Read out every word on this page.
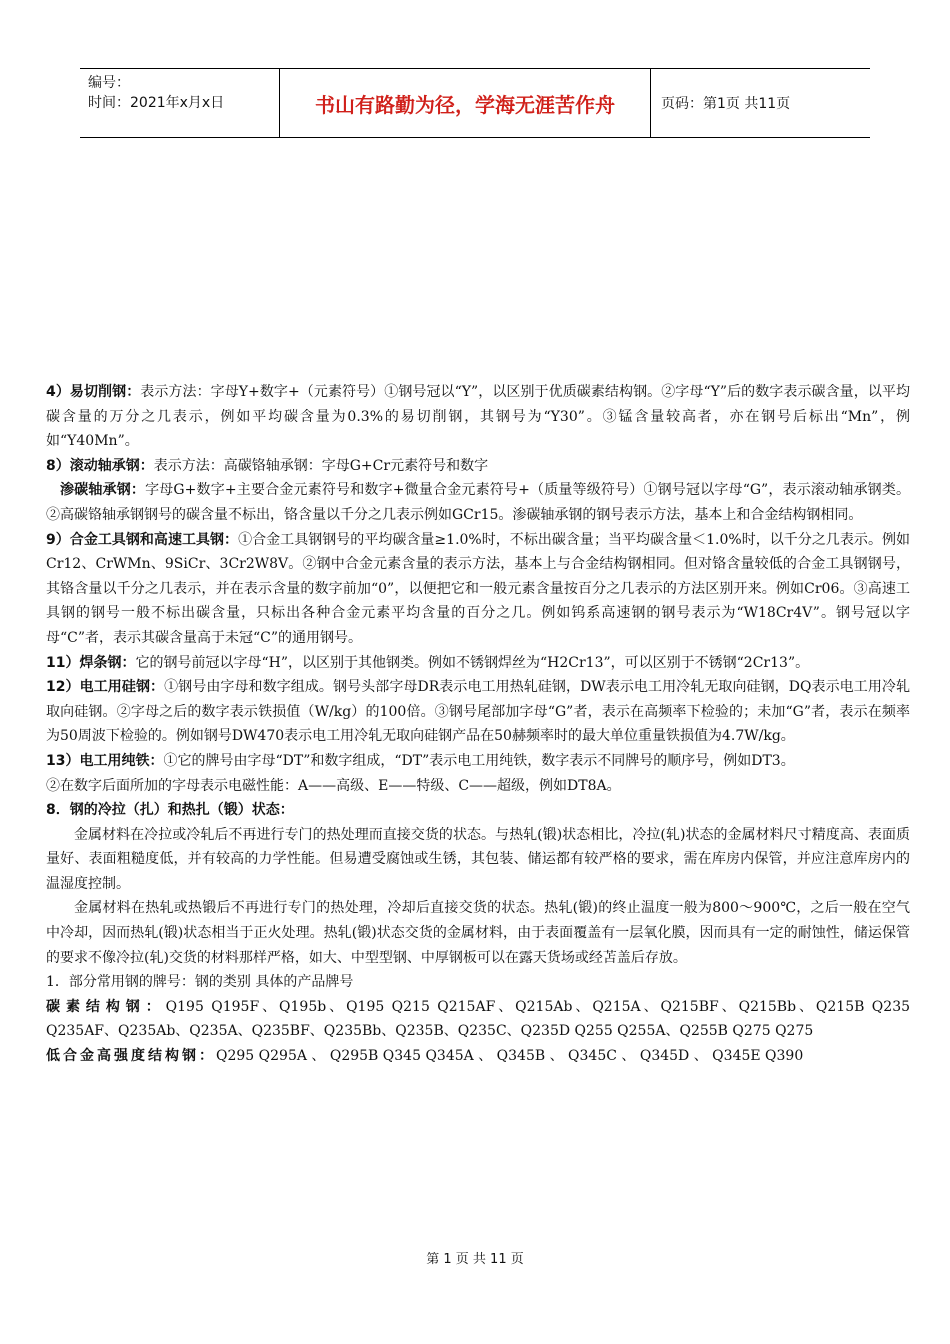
编号：
时间：2021年x月x日	书山有路勤为径，学海无涯苦作舟	页码：第1页 共11页

4）易切削钢：表示方法：字母Y+数字+（元素符号）①钢号冠以“Y”，以区别于优质碳素结构钢。②字母“Y”后的数字表示碳含量，以平均碳含量的万分之几表示，例如平均碳含量为0.3%的易切削钢，其钢号为“Y30”。③锰含量较高者，亦在钢号后标出“Mn”，例如“Y40Mn”。

8）滚动轴承钢：表示方法：高碳铬轴承钢：字母G+Cr元素符号和数字

渗碳轴承钢：字母G+数字+主要合金元素符号和数字+微量合金元素符号+（质量等级符号）①钢号冠以字母“G”，表示滚动轴承钢类。②高碳铬轴承钢钢号的碳含量不标出，铬含量以千分之几表示例如GCr15。渗碳轴承钢的钢号表示方法，基本上和合金结构钢相同。

9）合金工具钢和高速工具钢：①合金工具钢钢号的平均碳含量≥1.0%时，不标出碳含量；当平均碳含量＜1.0%时，以千分之几表示。例如Cr12、CrWMn、9SiCr、3Cr2W8V。②钢中合金元素含量的表示方法，基本上与合金结构钢相同。但对铬含量较低的合金工具钢钢号，其铬含量以千分之几表示，并在表示含量的数字前加“0”，以便把它和一般元素含量按百分之几表示的方法区别开来。例如Cr06。③高速工具钢的钢号一般不标出碳含量，只标出各种合金元素平均含量的百分之几。例如钨系高速钢的钢号表示为“W18Cr4V”。钢号冠以字母“C”者，表示其碳含量高于未冠“C”的通用钢号。

11）焊条钢：它的钢号前冠以字母“H”，以区别于其他钢类。例如不锈钢焊丝为“H2Cr13”，可以区别于不锈钢“2Cr13”。

12）电工用硅钢：①钢号由字母和数字组成。钢号头部字母DR表示电工用热轧硅钢，DW表示电工用冷轧无取向硅钢，DQ表示电工用冷轧取向硅钢。②字母之后的数字表示铁损值（W/kg）的100倍。③钢号尾部加字母“G”者，表示在高频率下检验的；未加“G”者，表示在频率为50周波下检验的。例如钢号DW470表示电工用冷轧无取向硅钢产品在50赫频率时的最大单位重量铁损值为4.7W/kg。

13）电工用纯铁：①它的牌号由字母“DT”和数字组成，“DT”表示电工用纯铁，数字表示不同牌号的顺序号，例如DT3。

②在数字后面所加的字母表示电磁性能：A——高级、E——特级、C——超级，例如DT8A。

8．钢的冷拉（扎）和热扎（锻）状态：

金属材料在冷拉或冷轧后不再进行专门的热处理而直接交货的状态。与热轧(锻)状态相比，冷拉(轧)状态的金属材料尺寸精度高、表面质量好、表面粗糙度低，并有较高的力学性能。但易遭受腐蚀或生锈，其包装、储运都有较严格的要求，需在库房内保管，并应注意库房内的温湿度控制。

金属材料在热轧或热锻后不再进行专门的热处理，冷却后直接交货的状态。热轧(锻)的终止温度一般为800～900℃，之后一般在空气中冷却，因而热轧(锻)状态相当于正火处理。热轧(锻)状态交货的金属材料，由于表面覆盖有一层氧化膜，因而具有一定的耐蚀性，储运保管的要求不像冷拉(轧)交货的材料那样严格，如大、中型型钢、中厚钢板可以在露天货场或经苫盖后存放。

1．部分常用钢的牌号：钢的类别 具体的产品牌号

碳素结构钢：Q195 Q195F、Q195b、Q195 Q215 Q215AF、Q215Ab、Q215A、Q215BF、Q215Bb、Q215B Q235 Q235AF、Q235Ab、Q235A、Q235BF、Q235Bb、Q235B、Q235C、Q235D Q255 Q255A、Q255B Q275 Q275

低合金高强度结构钢：Q295 Q295A 、 Q295B Q345 Q345A 、 Q345B 、 Q345C 、 Q345D 、 Q345E Q390

第 1 页 共 11 页
